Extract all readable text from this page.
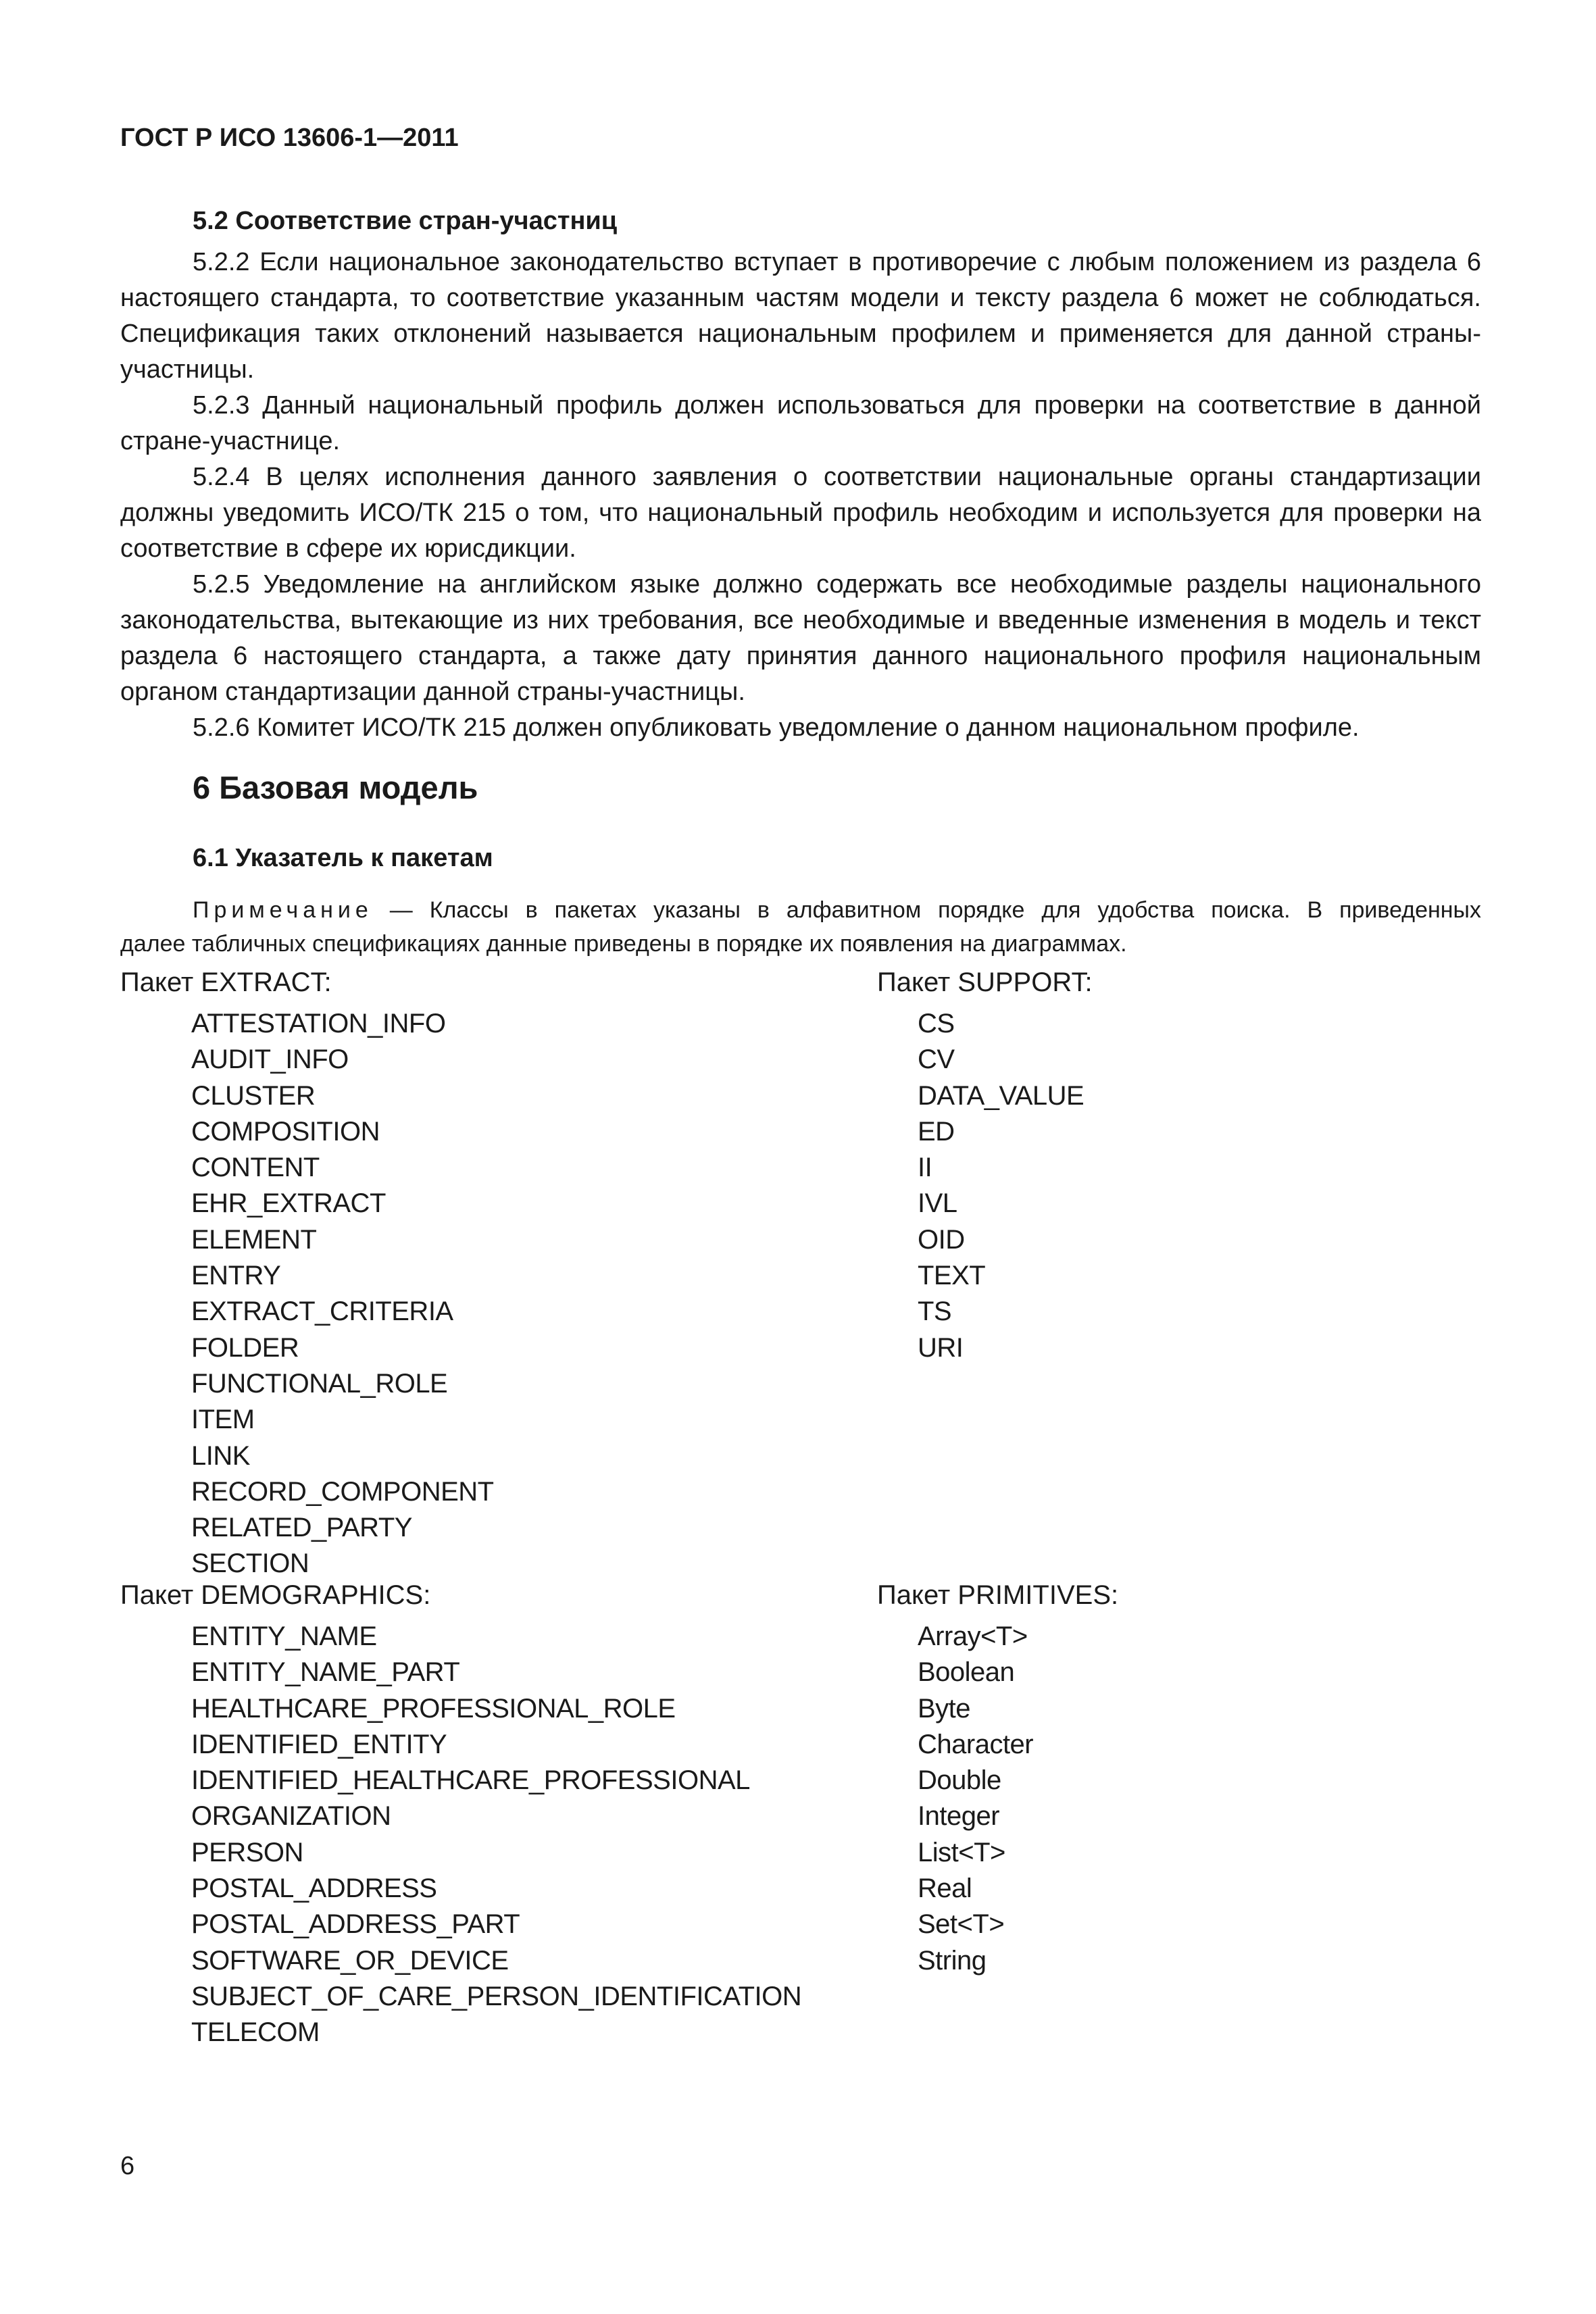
ГОСТ Р ИСО 13606-1—2011

5.2 Соответствие стран-участниц

5.2.2 Если национальное законодательство вступает в противоречие с любым положением из раздела 6 настоящего стандарта, то соответствие указанным частям модели и тексту раздела 6 может не соблюдаться. Спецификация таких отклонений называется национальным профилем и применяется для данной страны-участницы.

5.2.3 Данный национальный профиль должен использоваться для проверки на соответствие в данной стране-участнице.

5.2.4 В целях исполнения данного заявления о соответствии национальные органы стандартизации должны уведомить ИСО/ТК 215 о том, что национальный профиль необходим и используется для проверки на соответствие в сфере их юрисдикции.

5.2.5 Уведомление на английском языке должно содержать все необходимые разделы национального законодательства, вытекающие из них требования, все необходимые и введенные изменения в модель и текст раздела 6 настоящего стандарта, а также дату принятия данного национального профиля национальным органом стандартизации данной страны-участницы.

5.2.6 Комитет ИСО/ТК 215 должен опубликовать уведомление о данном национальном профиле.

6 Базовая модель

6.1 Указатель к пакетам

Примечание — Классы в пакетах указаны в алфавитном порядке для удобства поиска. В приведенных
далее табличных спецификациях данные приведены в порядке их появления на диаграммах.

Пакет EXTRACT:

ATTESTATION_INFO
AUDIT_INFO
CLUSTER
COMPOSITION
CONTENT
EHR_EXTRACT
ELEMENT
ENTRY
EXTRACT_CRITERIA
FOLDER
FUNCTIONAL_ROLE
ITEM
LINK
RECORD_COMPONENT
RELATED_PARTY
SECTION

Пакет SUPPORT:

CS
CV
DATA_VALUE
ED
II
IVL
OID
TEXT
TS
URI

Пакет DEMOGRAPHICS:

ENTITY_NAME
ENTITY_NAME_PART
HEALTHCARE_PROFESSIONAL_ROLE
IDENTIFIED_ENTITY
IDENTIFIED_HEALTHCARE_PROFESSIONAL
ORGANIZATION
PERSON
POSTAL_ADDRESS
POSTAL_ADDRESS_PART
SOFTWARE_OR_DEVICE
SUBJECT_OF_CARE_PERSON_IDENTIFICATION
TELECOM

Пакет PRIMITIVES:

Array<T>
Boolean
Byte
Character
Double
Integer
List<T>
Real
Set<T>
String

6
